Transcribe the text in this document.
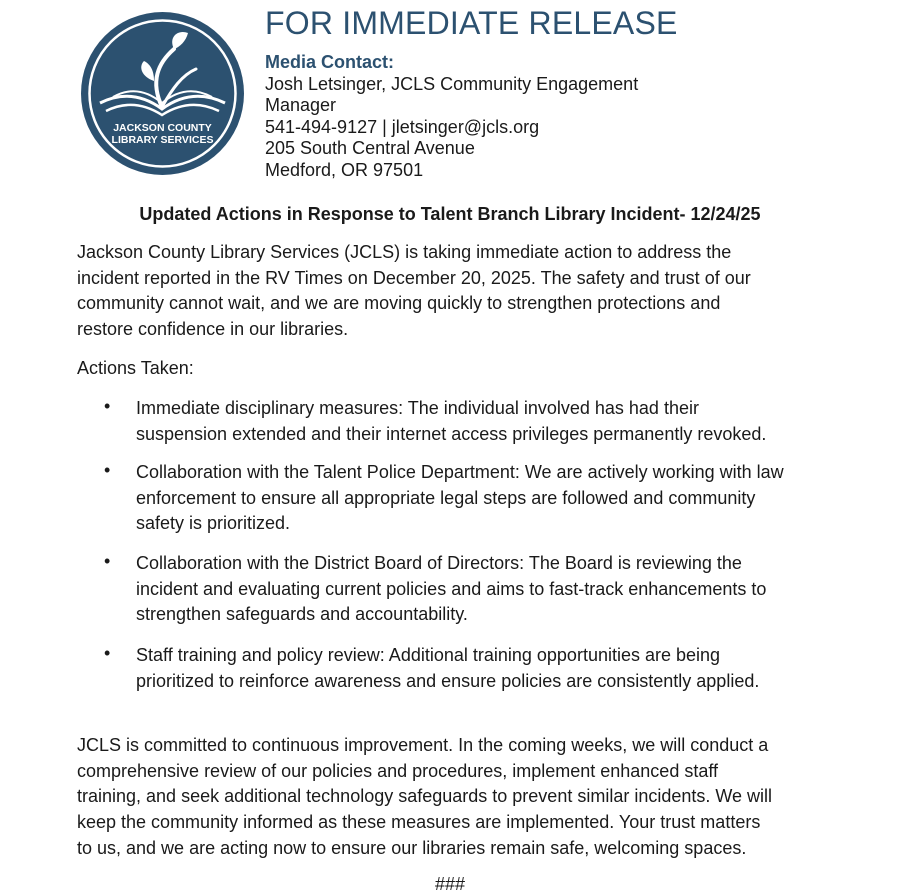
JACKSON COUNTY
LIBRARY SERVICES
FOR IMMEDIATE RELEASE
Media Contact:
Josh Letsinger, JCLS Community Engagement
Manager
541-494-9127 | jletsinger@jcls.org
205 South Central Avenue
Medford, OR 97501
Updated Actions in Response to Talent Branch Library Incident- 12/24/25
Jackson County Library Services (JCLS) is taking immediate action to address the
incident reported in the RV Times on December 20, 2025. The safety and trust of our
community cannot wait, and we are moving quickly to strengthen protections and
restore confidence in our libraries.
Actions Taken:
• Immediate disciplinary measures: The individual involved has had their
suspension extended and their internet access privileges permanently revoked.
• Collaboration with the Talent Police Department: We are actively working with law
enforcement to ensure all appropriate legal steps are followed and community
safety is prioritized.
• Collaboration with the District Board of Directors: The Board is reviewing the
incident and evaluating current policies and aims to fast-track enhancements to
strengthen safeguards and accountability.
• Staff training and policy review: Additional training opportunities are being
prioritized to reinforce awareness and ensure policies are consistently applied.
JCLS is committed to continuous improvement. In the coming weeks, we will conduct a
comprehensive review of our policies and procedures, implement enhanced staff
training, and seek additional technology safeguards to prevent similar incidents. We will
keep the community informed as these measures are implemented. Your trust matters
to us, and we are acting now to ensure our libraries remain safe, welcoming spaces.
###
